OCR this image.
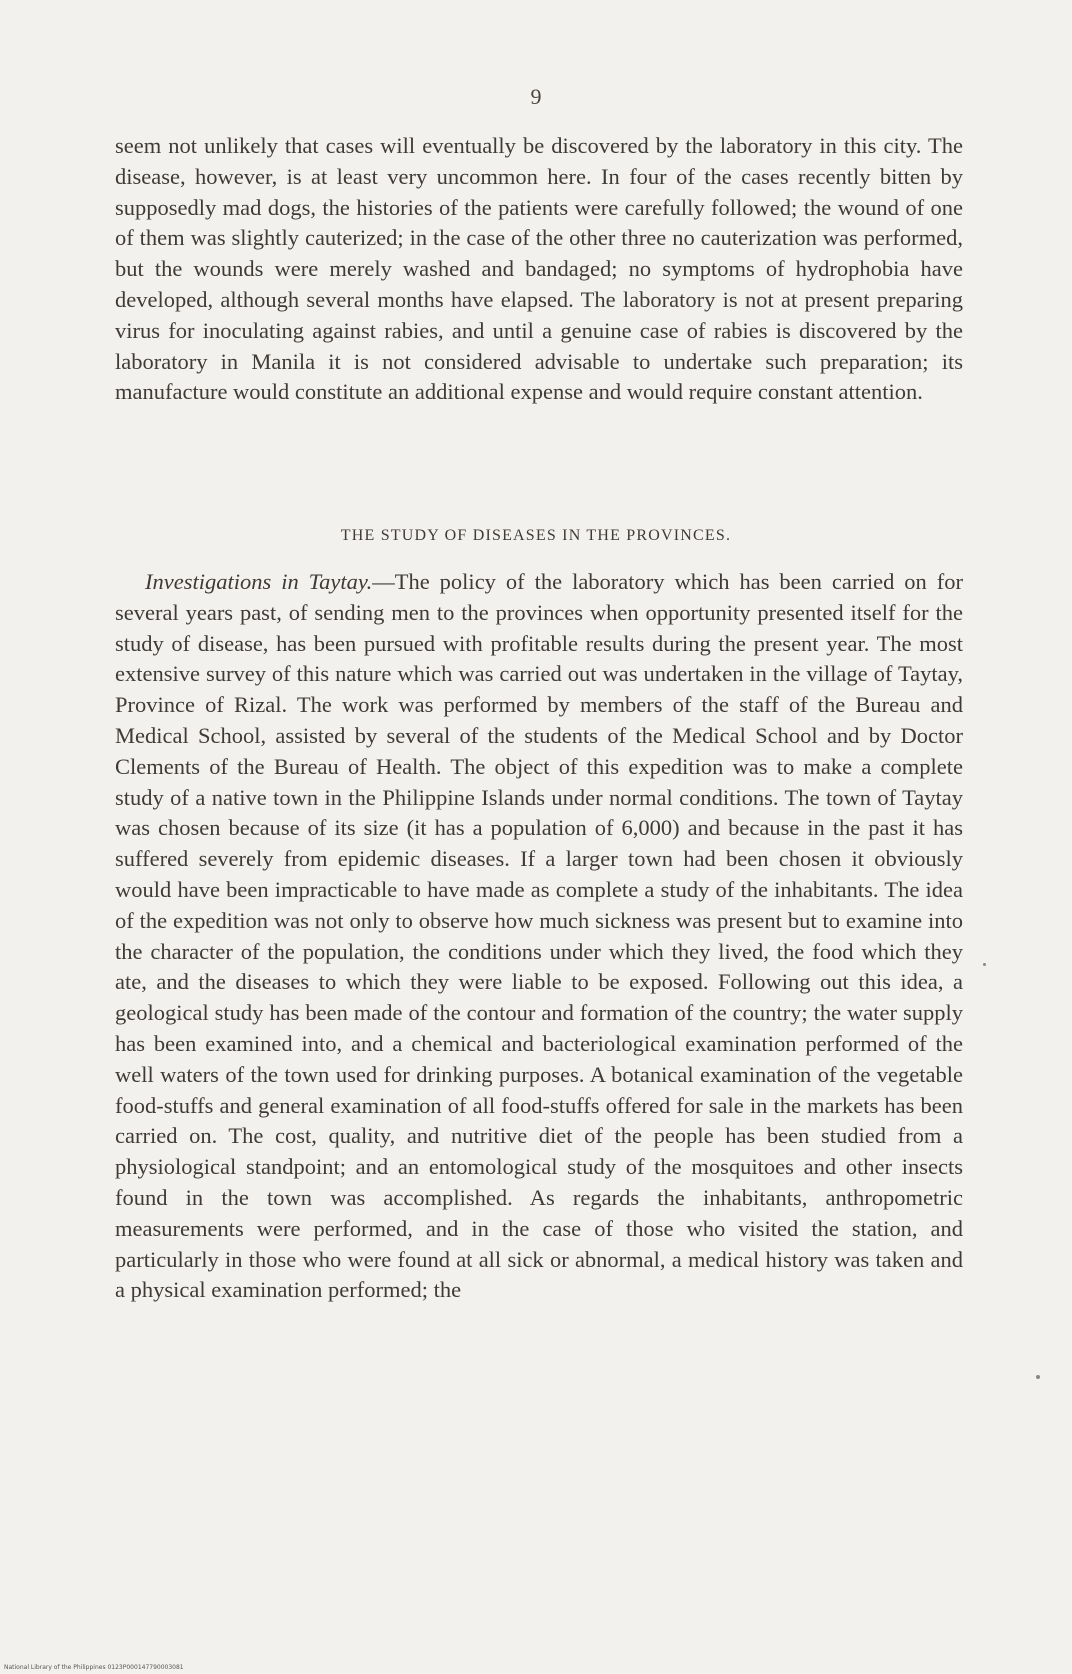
9

seem not unlikely that cases will eventually be discovered by the laboratory in this city. The disease, however, is at least very uncommon here. In four of the cases recently bitten by supposedly mad dogs, the histories of the patients were carefully followed; the wound of one of them was slightly cauterized; in the case of the other three no cauterization was performed, but the wounds were merely washed and bandaged; no symptoms of hydrophobia have developed, although several months have elapsed. The laboratory is not at present preparing virus for inoculating against rabies, and until a genuine case of rabies is discovered by the laboratory in Manila it is not considered advisable to undertake such preparation; its manufacture would constitute an additional expense and would require constant attention.

THE STUDY OF DISEASES IN THE PROVINCES.

Investigations in Taytay.—The policy of the laboratory which has been carried on for several years past, of sending men to the provinces when opportunity presented itself for the study of disease, has been pursued with profitable results during the present year. The most extensive survey of this nature which was carried out was undertaken in the village of Taytay, Province of Rizal. The work was performed by members of the staff of the Bureau and Medical School, assisted by several of the students of the Medical School and by Doctor Clements of the Bureau of Health. The object of this expedition was to make a complete study of a native town in the Philippine Islands under normal conditions. The town of Taytay was chosen because of its size (it has a population of 6,000) and because in the past it has suffered severely from epidemic diseases. If a larger town had been chosen it obviously would have been impracticable to have made as complete a study of the inhabitants. The idea of the expedition was not only to observe how much sickness was present but to examine into the character of the population, the conditions under which they lived, the food which they ate, and the diseases to which they were liable to be exposed. Following out this idea, a geological study has been made of the contour and formation of the country; the water supply has been examined into, and a chemical and bacteriological examination performed of the well waters of the town used for drinking purposes. A botanical examination of the vegetable food-stuffs and general examination of all food-stuffs offered for sale in the markets has been carried on. The cost, quality, and nutritive diet of the people has been studied from a physiological standpoint; and an entomological study of the mosquitoes and other insects found in the town was accomplished. As regards the inhabitants, anthropometric measurements were performed, and in the case of those who visited the station, and particularly in those who were found at all sick or abnormal, a medical history was taken and a physical examination performed; the

National Library of the Philippines 0123P000147790003081
